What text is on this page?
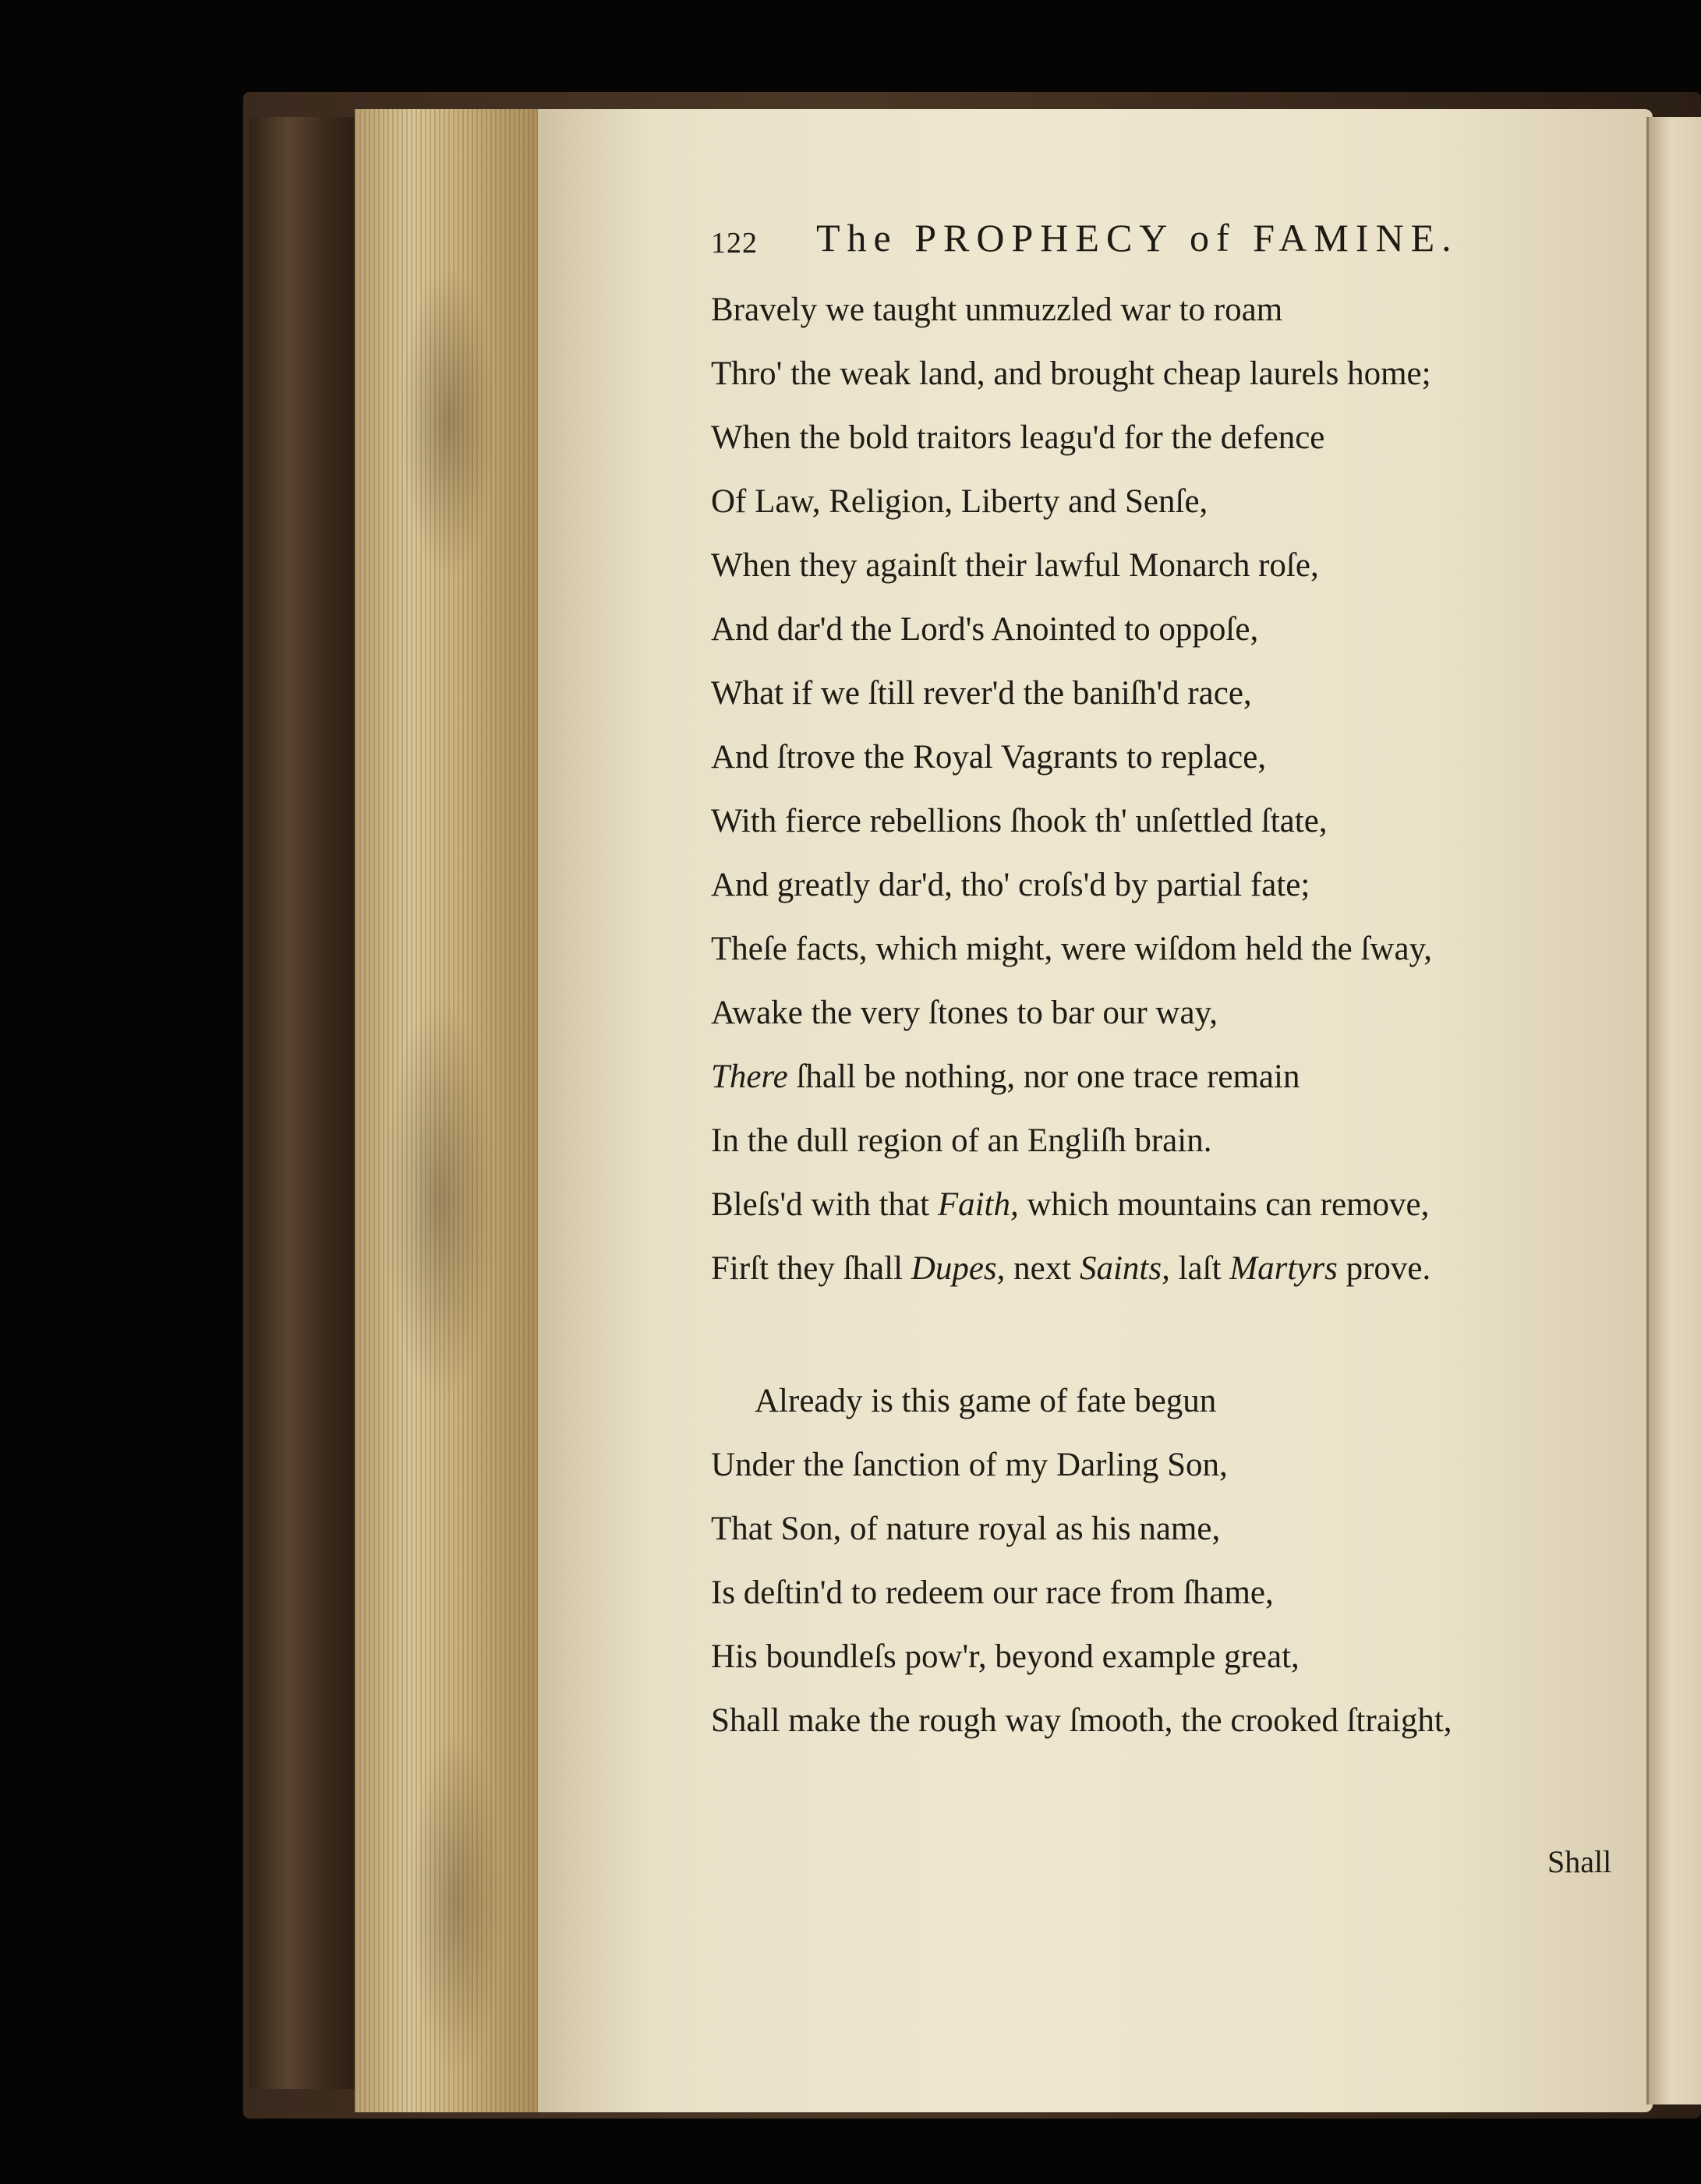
122 The PROPHECY of FAMINE.
Bravely we taught unmuzzled war to roam
Thro' the weak land, and brought cheap laurels home;
When the bold traitors leagu'd for the defence
Of Law, Religion, Liberty and Senſe,
When they againſt their lawful Monarch roſe,
And dar'd the Lord's Anointed to oppoſe,
What if we ſtill rever'd the baniſh'd race,
And ſtrove the Royal Vagrants to replace,
With fierce rebellions ſhook th' unſettled ſtate,
And greatly dar'd, tho' croſs'd by partial fate;
Theſe facts, which might, were wiſdom held the ſway,
Awake the very ſtones to bar our way,
There ſhall be nothing, nor one trace remain
In the dull region of an Engliſh brain.
Bleſs'd with that Faith, which mountains can remove,
Firſt they ſhall Dupes, next Saints, laſt Martyrs prove.
Already is this game of fate begun
Under the ſanction of my Darling Son,
That Son, of nature royal as his name,
Is deſtin'd to redeem our race from ſhame,
His boundleſs pow'r, beyond example great,
Shall make the rough way ſmooth, the crooked ſtraight,
Shall
